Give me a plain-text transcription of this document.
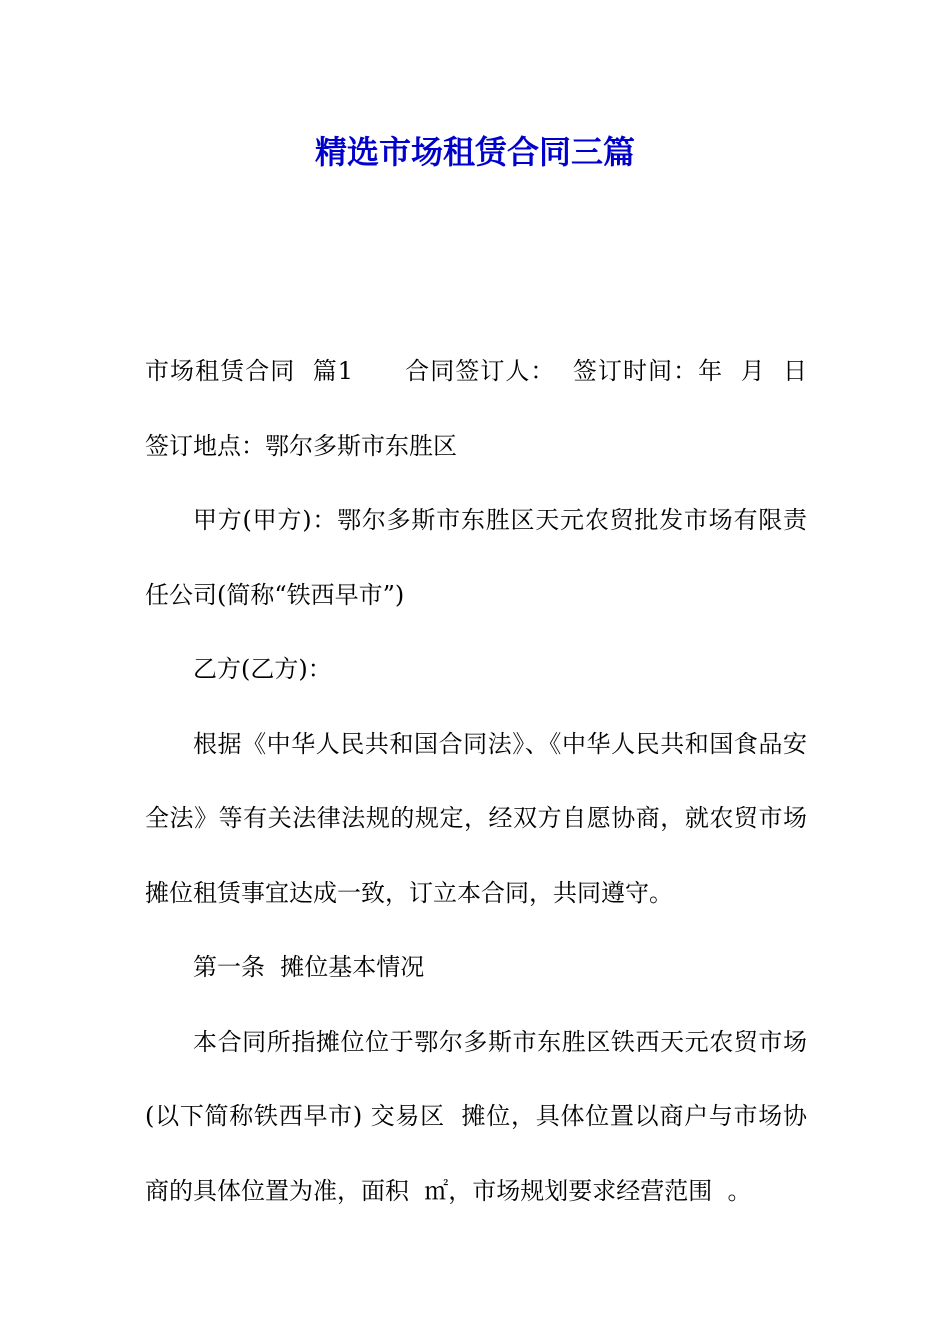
精选市场租赁合同三篇

市场租赁合同  篇1      合同签订人：  签订时间：年  月  日  签订地点：鄂尔多斯市东胜区

甲方(甲方)：鄂尔多斯市东胜区天元农贸批发市场有限责任公司(简称“铁西早市”)

乙方(乙方)：

根据《中华人民共和国合同法》、《中华人民共和国食品安全法》等有关法律法规的规定，经双方自愿协商，就农贸市场摊位租赁事宜达成一致，订立本合同，共同遵守。

第一条  摊位基本情况

本合同所指摊位位于鄂尔多斯市东胜区铁西天元农贸市场(以下简称铁西早市) 交易区  摊位，具体位置以商户与市场协商的具体位置为准，面积  ㎡，市场规划要求经营范围  。
